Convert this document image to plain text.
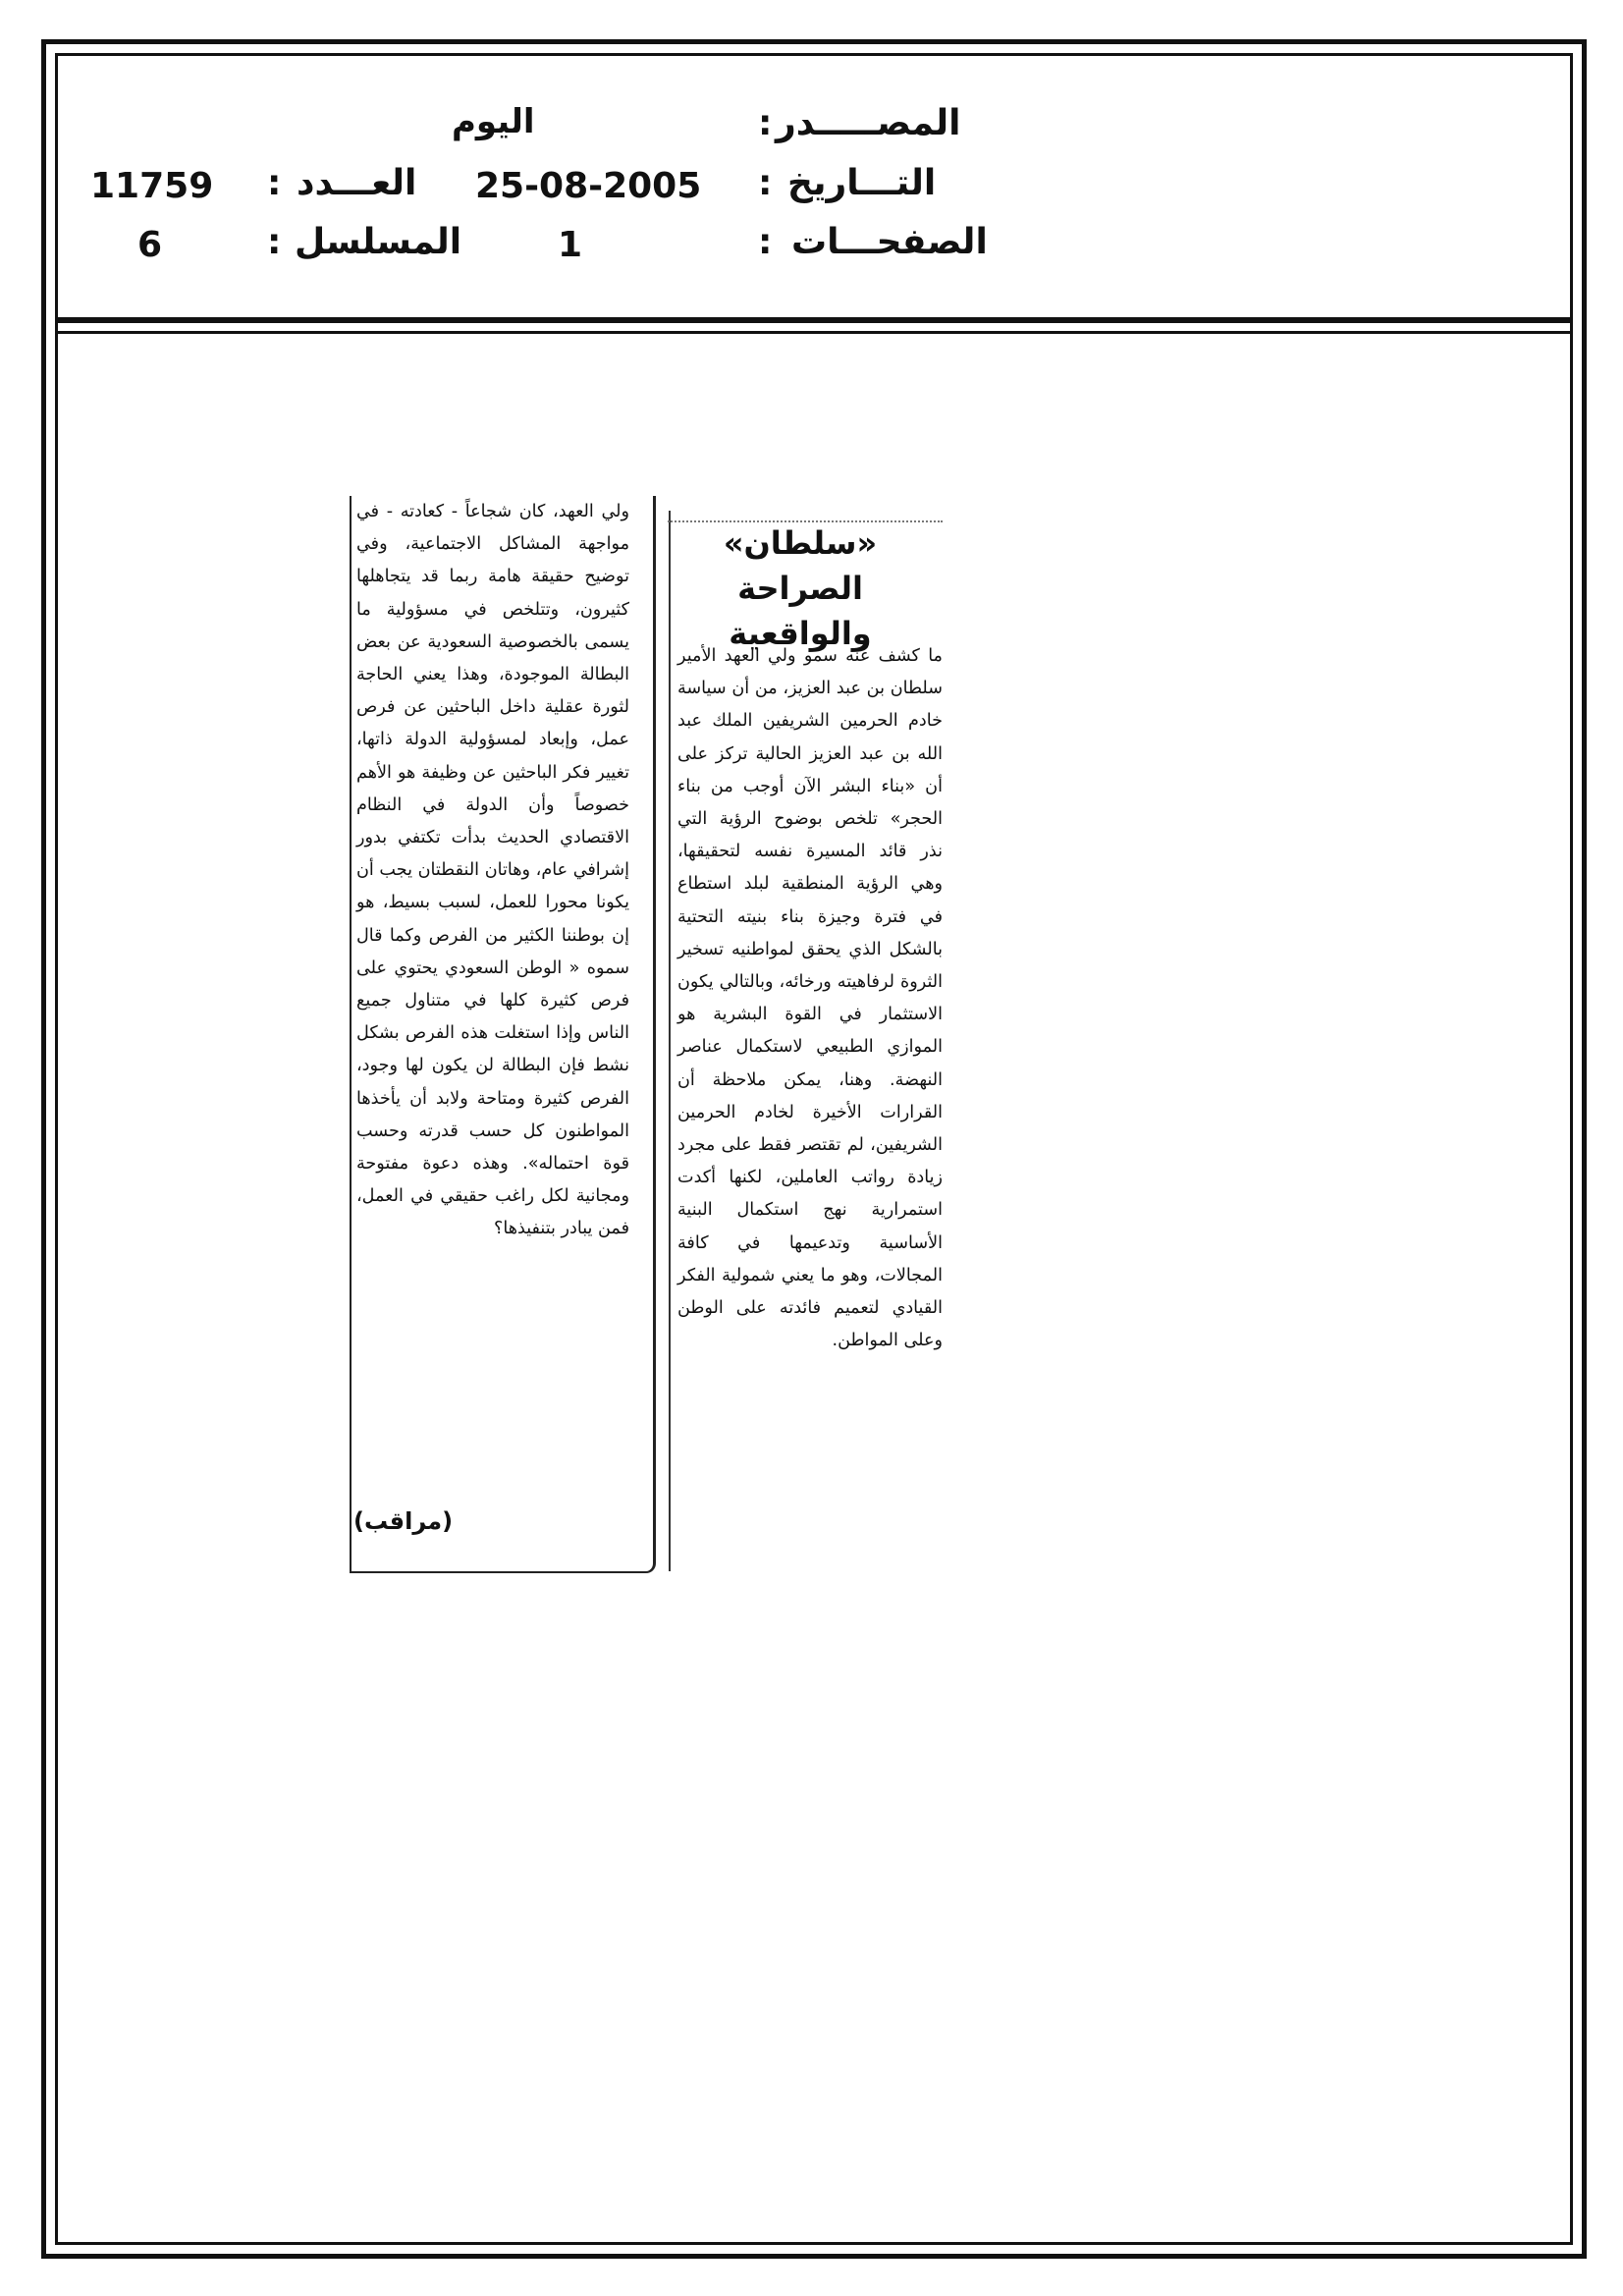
المصـــــدر
:
اليوم
التـــاريخ
:
25-08-2005
العـــدد
:
11759
الصفحـــات
:
1
المسلسل
:
6
«سلطان» الصراحة
والواقعية
ما كشف عنه سمو ولي العهد الأمير سلطان بن عبد العزيز، من أن سياسة خادم الحرمين الشريفين الملك عبد الله بن عبد العزيز الحالية تركز على أن «بناء البشر الآن أوجب من بناء الحجر» تلخص بوضوح الرؤية التي نذر قائد المسيرة نفسه لتحقيقها، وهي الرؤية المنطقية لبلد استطاع في فترة وجيزة بناء بنيته التحتية بالشكل الذي يحقق لمواطنيه تسخير الثروة لرفاهيته ورخائه، وبالتالي يكون الاستثمار في القوة البشرية هو الموازي الطبيعي لاستكمال عناصر النهضة. وهنا، يمكن ملاحظة أن القرارات الأخيرة لخادم الحرمين الشريفين، لم تقتصر فقط على مجرد زيادة رواتب العاملين، لكنها أكدت استمرارية نهج استكمال البنية الأساسية وتدعيمها في كافة المجالات، وهو ما يعني شمولية الفكر القيادي لتعميم فائدته على الوطن وعلى المواطن.
ولي العهد، كان شجاعاً - كعادته - في مواجهة المشاكل الاجتماعية، وفي توضيح حقيقة هامة ربما قد يتجاهلها كثيرون، وتتلخص في مسؤولية ما يسمى بالخصوصية السعودية عن بعض البطالة الموجودة، وهذا يعني الحاجة لثورة عقلية داخل الباحثين عن فرص عمل، وإبعاد لمسؤولية الدولة ذاتها، تغيير فكر الباحثين عن وظيفة هو الأهم خصوصاً وأن الدولة في النظام الاقتصادي الحديث بدأت تكتفي بدور إشرافي عام، وهاتان النقطتان يجب أن يكونا محورا للعمل، لسبب بسيط، هو إن بوطننا الكثير من الفرص وكما قال سموه « الوطن السعودي يحتوي على فرص كثيرة كلها في متناول جميع الناس وإذا استغلت هذه الفرص بشكل نشط فإن البطالة لن يكون لها وجود، الفرص كثيرة ومتاحة ولابد أن يأخذها المواطنون كل حسب قدرته وحسب قوة احتماله». وهذه دعوة مفتوحة ومجانية لكل راغب حقيقي في العمل، فمن يبادر بتنفيذها؟
(مراقب)
